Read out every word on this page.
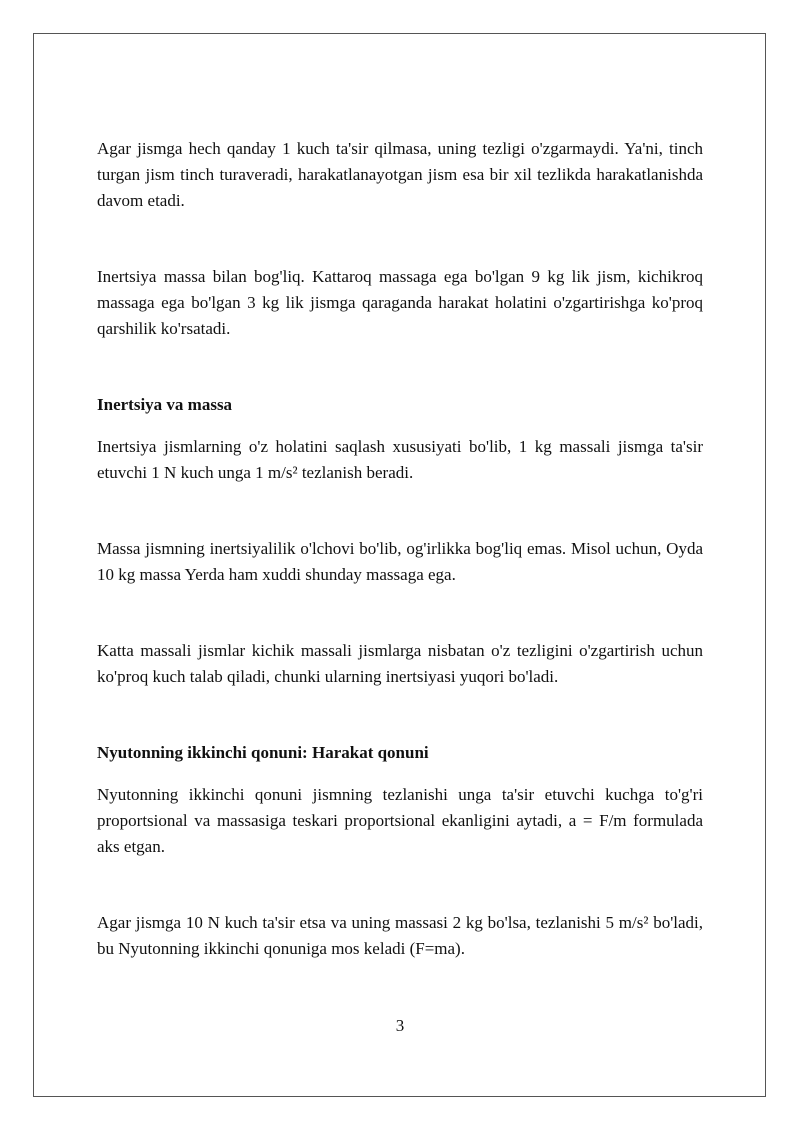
Agar jismga hech qanday 1 kuch ta'sir qilmasa, uning tezligi o'zgarmaydi. Ya'ni, tinch turgan jism tinch turaveradi, harakatlanayotgan jism esa bir xil tezlikda harakatlanishda davom etadi.

Inertsiya massa bilan bog'liq. Kattaroq massaga ega bo'lgan 9 kg lik jism, kichikroq massaga ega bo'lgan 3 kg lik jismga qaraganda harakat holatini o'zgartirishga ko'proq qarshilik ko'rsatadi.

Inertsiya va massa

Inertsiya jismlarning o'z holatini saqlash xususiyati bo'lib, 1 kg massali jismga ta'sir etuvchi 1 N kuch unga 1 m/s² tezlanish beradi.

Massa jismning inertsiyalilik o'lchovi bo'lib, og'irlikka bog'liq emas. Misol uchun, Oyda 10 kg massa Yerda ham xuddi shunday massaga ega.

Katta massali jismlar kichik massali jismlarga nisbatan o'z tezligini o'zgartirish uchun ko'proq kuch talab qiladi, chunki ularning inertsiyasi yuqori bo'ladi.

Nyutonning ikkinchi qonuni: Harakat qonuni

Nyutonning ikkinchi qonuni jismning tezlanishi unga ta'sir etuvchi kuchga to'g'ri proportsional va massasiga teskari proportsional ekanligini aytadi, a = F/m formulada aks etgan.

Agar jismga 10 N kuch ta'sir etsa va uning massasi 2 kg bo'lsa, tezlanishi 5 m/s² bo'ladi, bu Nyutonning ikkinchi qonuniga mos keladi (F=ma).

3
